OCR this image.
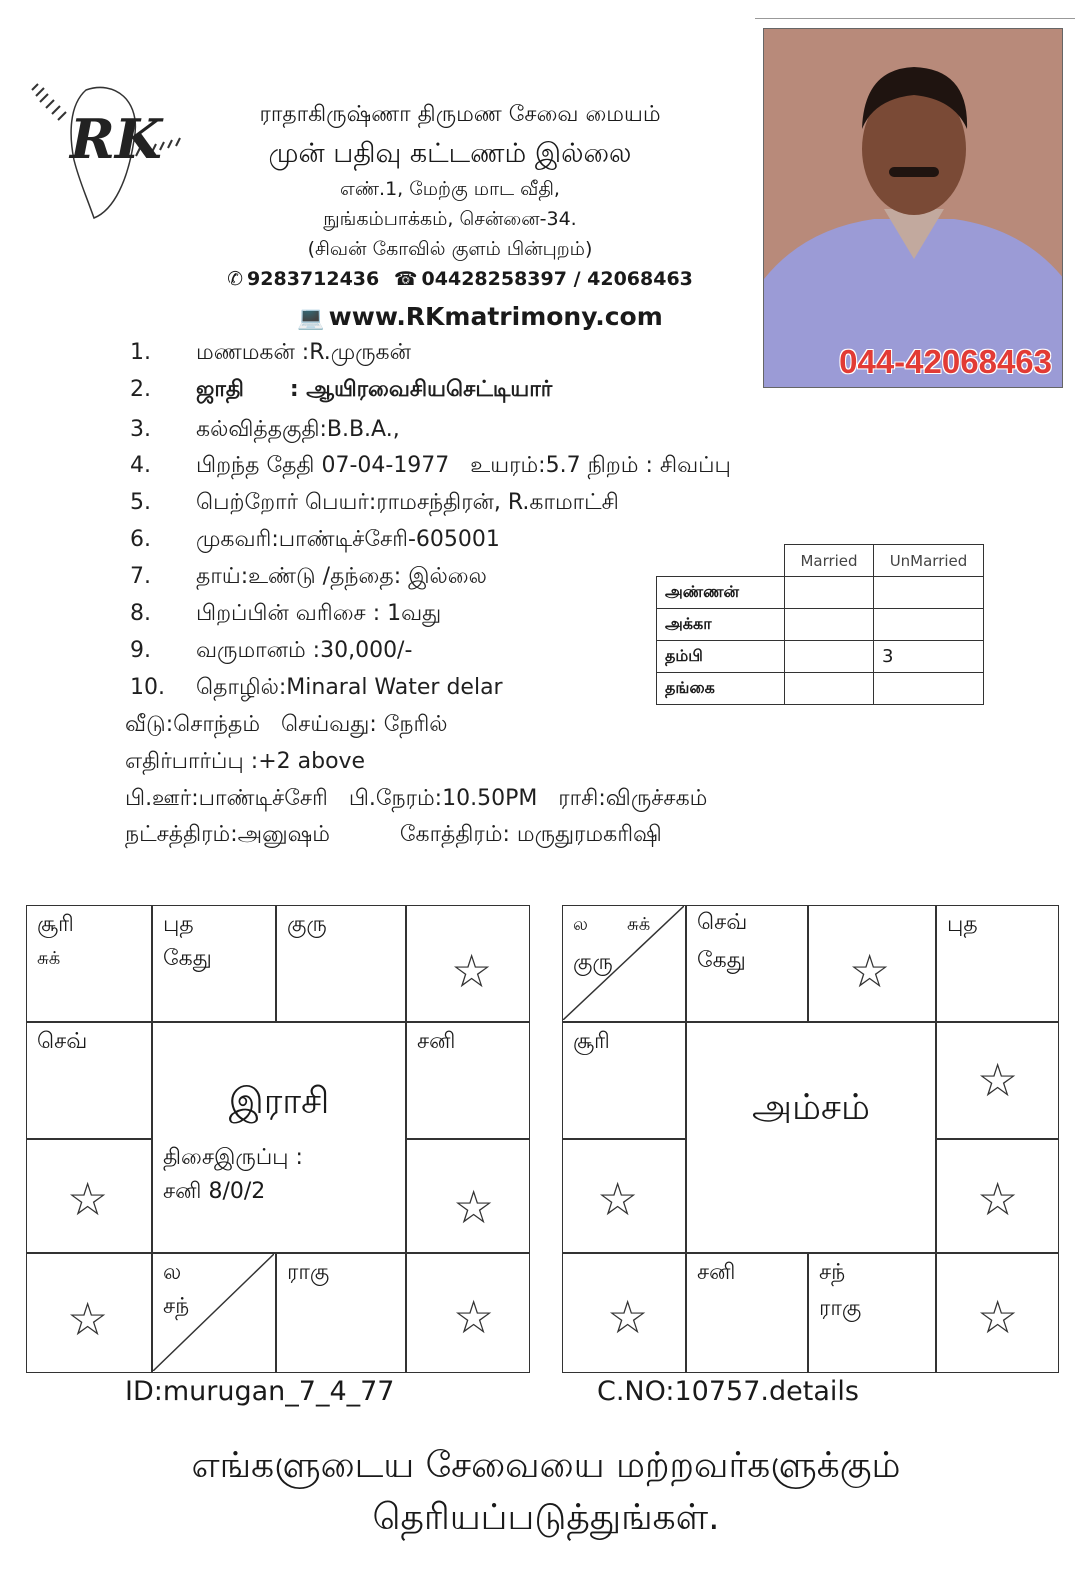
RK	ராதாகிருஷ்ணா திருமண சேவை மையம்
முன் பதிவு கட்டணம் இல்லை
எண்.1, மேற்கு மாட வீதி,
நுங்கம்பாக்கம், சென்னை-34.
(சிவன் கோவில் குளம் பின்புறம்)
✆ 9283712436 ☎ 04428258397 / 42068463
💻 www.RKmatrimony.com
044-42068463
1.	மணமகன் :R.முருகன்
2.	ஜாதி      : ஆயிரவைசியசெட்டியார்
3.	கல்வித்தகுதி:B.B.A.,
4.	பிறந்த தேதி 07-04-1977   உயரம்:5.7 நிறம் : சிவப்பு
5.	பெற்றோர் பெயர்:ராமசந்திரன், R.காமாட்சி
6.	முகவரி:பாண்டிச்சேரி-605001
7.	தாய்:உண்டு /தந்தை: இல்லை
8.	பிறப்பின் வரிசை : 1வது
9.	வருமானம் :30,000/-
10.	தொழில்:Minaral Water delar
வீடு:சொந்தம்   செய்வது: நேரில்
எதிர்பார்ப்பு :+2 above
பி.ஊர்:பாண்டிச்சேரி   பி.நேரம்:10.50PM   ராசி:விருச்சகம்
நட்சத்திரம்:அனுஷம்          கோத்திரம்: மருதுரமகரிஷி
	Married	UnMarried
அண்ணன்		
அக்கா		
தம்பி		3
தங்கை		
சூரி
சுக்
புத
கேது
குரு
☆
செவ்	சனி
☆	☆
இராசி
திசைஇருப்பு :
சனி 8/0/2
☆
ல
சந்
ராகு
☆
ல சுக்
குரு
செவ்
கேது ☆
புத
சூரி
☆
☆	☆
அம்சம்
☆
சனி	சந்
ராகு	☆
ID:murugan_7_4_77	C.NO:10757.details
எங்களுடைய சேவையை மற்றவர்களுக்கும்
தெரியப்படுத்துங்கள்.
